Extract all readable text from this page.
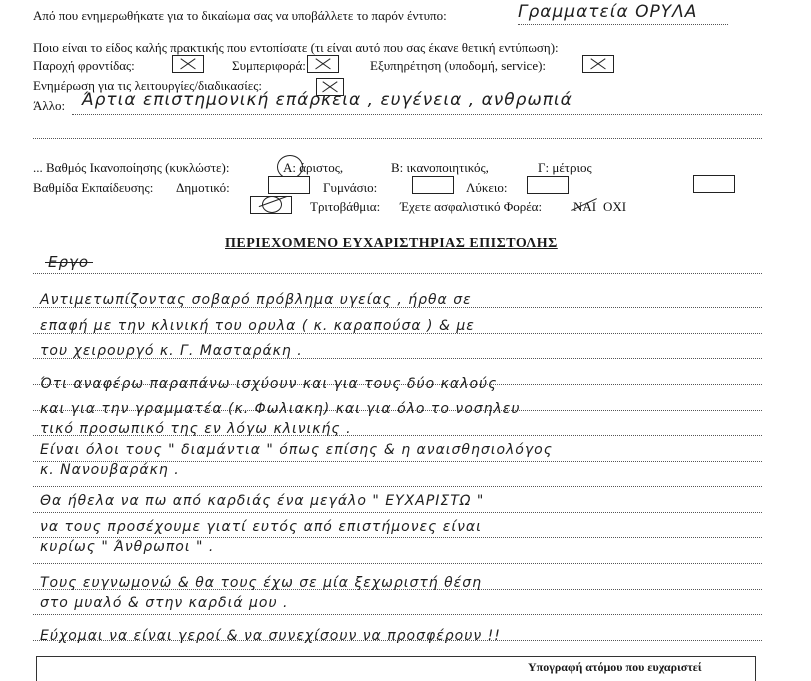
Από που ενημερωθήκατε για το δικαίωμα σας να υποβάλλετε το παρόν έντυπο:	Γραμματεία ΟΡΥΛΑ
Ποιο είναι το είδος καλής πρακτικής που εντοπίσατε (τι είναι αυτό που σας έκανε θετική εντύπωση):
Παροχή φροντίδας:	Συμπεριφορά:	Εξυπηρέτηση (υποδομή, service):
Ενημέρωση για τις λειτουργίες/διαδικασίες:
Άλλο: Άρτια επιστημονική επάρκεια , ευγένεια , ανθρωπιά
... Βαθμός Ικανοποίησης (κυκλώστε):	Α: άριστος,	Β: ικανοποιητικός,	Γ: μέτριος
Βαθμίδα Εκπαίδευσης: Δημοτικό:	Γυμνάσιο:	Λύκειο:
Τριτοβάθμια: Έχετε ασφαλιστικό Φορέα: ΝΑΙ ΟΧΙ
ΠΕΡΙΕΧΟΜΕΝΟ ΕΥΧΑΡΙΣΤΗΡΙΑΣ ΕΠΙΣΤΟΛΗΣ
Εργο
Αντιμετωπίζοντας σοβαρό πρόβλημα υγείας , ήρθα σε
επαφή με την κλινική του ορυλα ( κ. καραπούσα ) & με
του χειρουργό κ. Γ. Μασταράκη .
Ότι αναφέρω παραπάνω ισχύουν και για τους δύο καλούς
και για την γραμματέα (κ. Φωλιακη) και για όλο το νοσηλευ
τικό προσωπικό της εν λόγω κλινικής .
Είναι όλοι τους " διαμάντια " όπως επίσης & η αναισθησιολόγος
κ. Νανουβαράκη .
Θα ήθελα να πω από καρδιάς ένα μεγάλο " ΕΥΧΑΡΙΣΤΩ "
να τους προσέχουμε γιατί ευτός από επιστήμονες είναι
κυρίως " Άνθρωποι " .
Τους ευγνωμονώ & θα τους έχω σε μία ξεχωριστή θέση
στο μυαλό & στην καρδιά μου .
Εύχομαι να είναι γεροί & να συνεχίσουν να προσφέρουν !!
Υπογραφή ατόμου που ευχαριστεί
